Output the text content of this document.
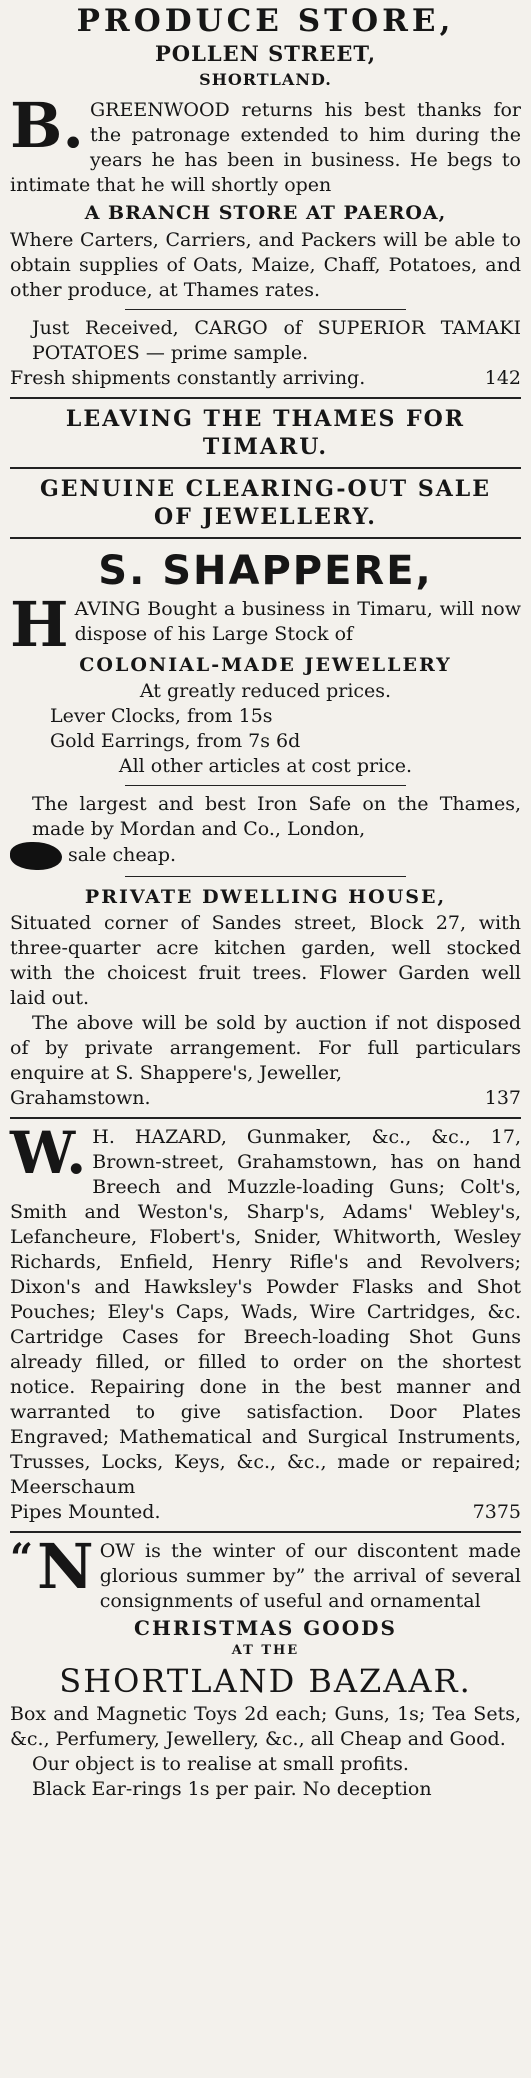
PRODUCE STORE,
POLLEN STREET,
SHORTLAND.
B. GREENWOOD returns his best thanks for the patronage extended to him during the years he has been in business. He begs to intimate that he will shortly open

A BRANCH STORE AT PAEROA,

Where Carters, Carriers, and Packers will be able to obtain supplies of Oats, Maize, Chaff, Potatoes, and other produce, at Thames rates.

Just Received, CARGO of SUPERIOR TAMAKI POTATOES — prime sample.

Fresh shipments constantly arriving.	142
LEAVING THE THAMES FOR
TIMARU.
GENUINE CLEARING-OUT SALE
OF JEWELLERY.
S. SHAPPERE,
H AVING Bought a business in Timaru, will now dispose of his Large Stock of

COLONIAL-MADE JEWELLERY

At greatly reduced prices.

Lever Clocks, from 15s

Gold Earrings, from 7s 6d

All other articles at cost price.

The largest and best Iron Safe on the Thames, made by Mordan and Co., London,

sale cheap.

PRIVATE DWELLING HOUSE,

Situated corner of Sandes street, Block 27, with three-quarter acre kitchen garden, well stocked with the choicest fruit trees. Flower Garden well laid out.

The above will be sold by auction if not disposed of by private arrangement. For full particulars enquire at S. Shappere's, Jeweller,

Grahamstown.	137
W. H. HAZARD, Gunmaker, &c., &c., 17, Brown-street, Grahamstown, has on hand Breech and Muzzle-loading Guns; Colt's, Smith and Weston's, Sharp's, Adams' Webley's, Lefancheure, Flobert's, Snider, Whitworth, Wesley Richards, Enfield, Henry Rifle's and Revolvers; Dixon's and Hawksley's Powder Flasks and Shot Pouches; Eley's Caps, Wads, Wire Cartridges, &c. Cartridge Cases for Breech-loading Shot Guns already filled, or filled to order on the shortest notice. Repairing done in the best manner and warranted to give satisfaction. Door Plates Engraved; Mathematical and Surgical Instruments, Trusses, Locks, Keys, &c., &c., made or repaired; Meerschaum

Pipes Mounted.	7375
“ N OW is the winter of our discontent made glorious summer by” the arrival of several consignments of useful and ornamental

CHRISTMAS GOODS
AT THE
SHORTLAND BAZAAR.

Box and Magnetic Toys 2d each; Guns, 1s; Tea Sets, &c., Perfumery, Jewellery, &c., all Cheap and Good.

Our object is to realise at small profits.

Black Ear-rings 1s per pair. No deception
